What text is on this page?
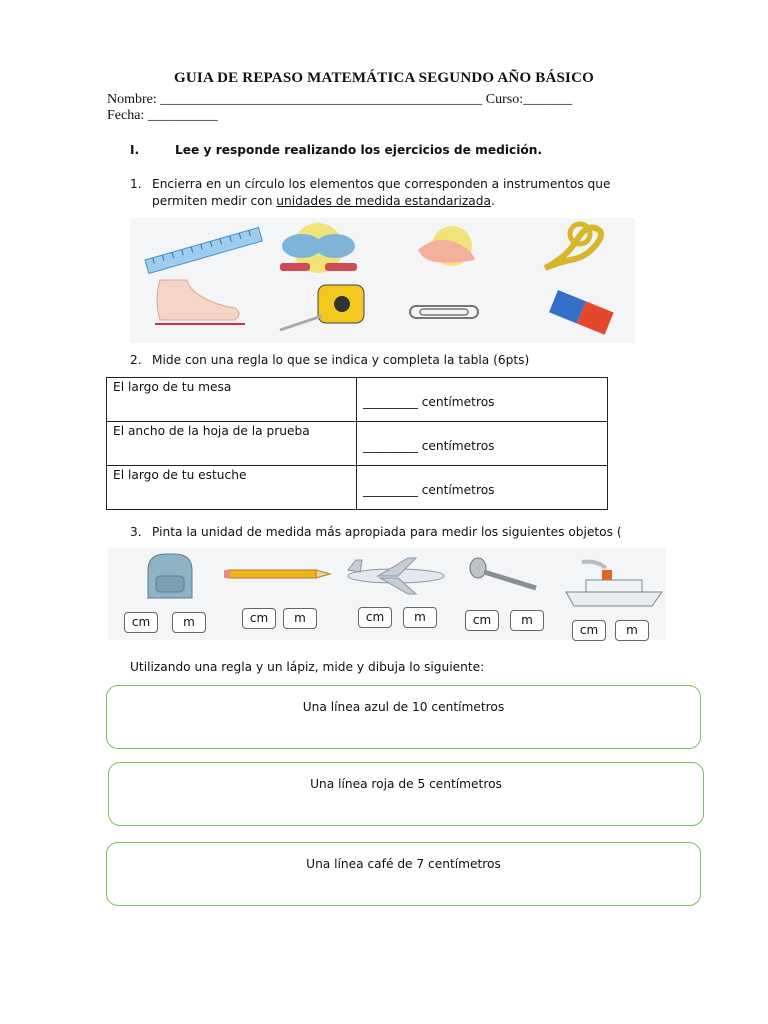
GUIA DE REPASO MATEMÁTICA SEGUNDO AÑO BÁSICO
Nombre: ______________________________________________ Curso:_______
Fecha: __________
I.	Lee y responde realizando los ejercicios de medición.
1. Encierra en un círculo los elementos que corresponden a instrumentos que
permiten medir con unidades de medida estandarizada.
2. Mide con una regla lo que se indica y completa la tabla (6pts)
El largo de tu mesa	_________ centímetros
El ancho de la hoja de la prueba	_________ centímetros
El largo de tu estuche	_________ centímetros
3. Pinta la unidad de medida más apropiada para medir los siguientes objetos (
cm	m	cm	m	cm	m	cm	m
cm	m
Utilizando una regla y un lápiz, mide y dibuja lo siguiente:
Una línea azul de 10 centímetros
Una línea roja de 5 centímetros
Una línea café de 7 centímetros
